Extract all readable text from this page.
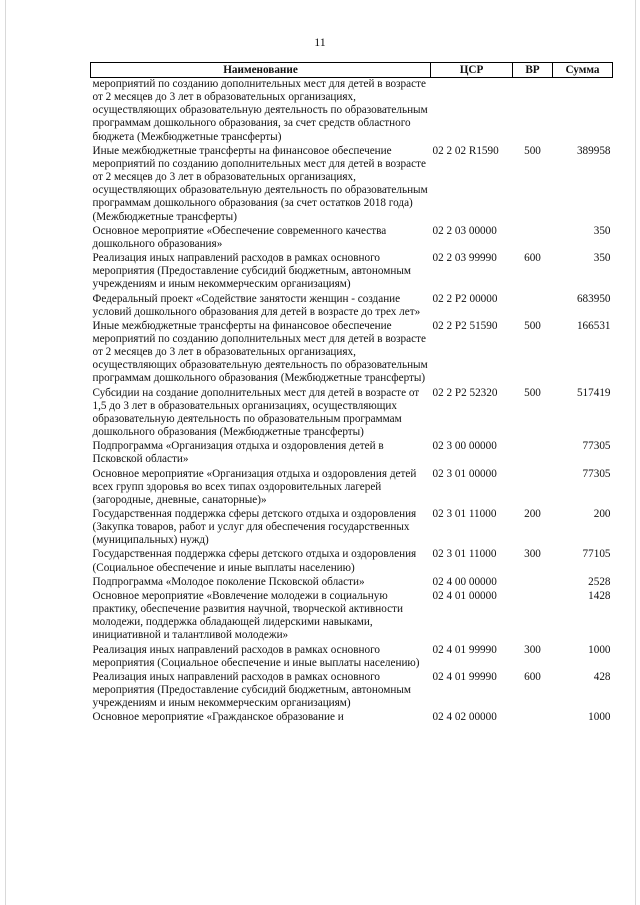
11
Наименование	ЦСР	ВР	Сумма
мероприятий по созданию дополнительных мест для детей в возрасте от 2 месяцев до 3 лет в образовательных организациях, осуществляющих образовательную деятельность по образовательным программам дошкольного образования, за счет средств областного бюджета (Межбюджетные трансферты)			
Иные межбюджетные трансферты на финансовое обеспечение мероприятий по созданию дополнительных мест для детей в возрасте от 2 месяцев до 3 лет в образовательных организациях, осуществляющих образовательную деятельность по образовательным программам дошкольного образования (за счет остатков 2018 года) (Межбюджетные трансферты)	02 2 02 R1590	500	389958
Основное мероприятие «Обеспечение современного качества дошкольного образования»	02 2 03 00000		350
Реализация иных направлений расходов в рамках основного мероприятия (Предоставление субсидий бюджетным, автономным учреждениям и иным некоммерческим организациям)	02 2 03 99990	600	350
Федеральный проект «Содействие занятости женщин - создание условий дошкольного образования для детей в возрасте до трех лет»	02 2 P2 00000		683950
Иные межбюджетные трансферты на финансовое обеспечение мероприятий по созданию дополнительных мест для детей в возрасте от 2 месяцев до 3 лет в образовательных организациях, осуществляющих образовательную деятельность по образовательным программам дошкольного образования (Межбюджетные трансферты)	02 2 P2 51590	500	166531
Субсидии на создание дополнительных мест для детей в возрасте от 1,5 до 3 лет в образовательных организациях, осуществляющих образовательную деятельность по образовательным программам дошкольного образования (Межбюджетные трансферты)	02 2 P2 52320	500	517419
Подпрограмма «Организация отдыха и оздоровления детей в Псковской области»	02 3 00 00000		77305
Основное мероприятие «Организация отдыха и оздоровления детей всех групп здоровья во всех типах оздоровительных лагерей (загородные, дневные, санаторные)»	02 3 01 00000		77305
Государственная поддержка сферы детского отдыха и оздоровления (Закупка товаров, работ и услуг для обеспечения государственных (муниципальных) нужд)	02 3 01 11000	200	200
Государственная поддержка сферы детского отдыха и оздоровления (Социальное обеспечение и иные выплаты населению)	02 3 01 11000	300	77105
Подпрограмма «Молодое поколение Псковской области»	02 4 00 00000		2528
Основное мероприятие «Вовлечение молодежи в социальную практику, обеспечение развития научной, творческой активности молодежи, поддержка обладающей лидерскими навыками, инициативной и талантливой молодежи»	02 4 01 00000		1428
Реализация иных направлений расходов в рамках основного мероприятия (Социальное обеспечение и иные выплаты населению)	02 4 01 99990	300	1000
Реализация иных направлений расходов в рамках основного мероприятия (Предоставление субсидий бюджетным, автономным учреждениям и иным некоммерческим организациям)	02 4 01 99990	600	428
Основное мероприятие «Гражданское образование и	02 4 02 00000		1000
